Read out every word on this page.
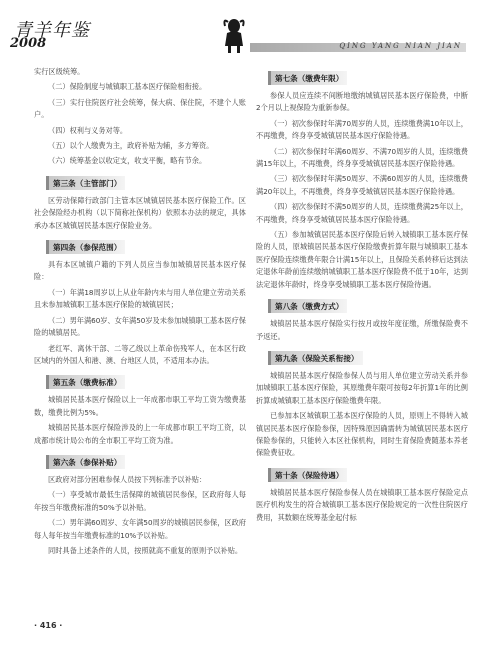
青羊年鉴
2008	QING YANG NIAN JIAN

实行区级统筹。

（二）保险制度与城镇职工基本医疗保险相衔接。

（三）实行住院医疗社会统筹，保大病、保住院，不建个人账户。

（四）权利与义务对等。

（五）以个人缴费为主，政府补贴为辅，多方筹资。

（六）统筹基金以收定支，收支平衡，略有节余。

第三条（主管部门）

区劳动保障行政部门主管本区城镇居民基本医疗保险工作。区社会保险经办机构（以下简称社保机构）依照本办法的规定，具体承办本区城镇居民基本医疗保险业务。

第四条（参保范围）

具有本区城镇户籍的下列人员应当参加城镇居民基本医疗保险：

（一）年满18周岁以上从业年龄内未与用人单位建立劳动关系且未参加城镇职工基本医疗保险的城镇居民；

（二）男年满60岁、女年满50岁及未参加城镇职工基本医疗保险的城镇居民。

老红军、离休干部、二等乙级以上革命伤残军人，在本区行政区域内的外国人和港、澳、台地区人员，不适用本办法。

第五条（缴费标准）

城镇居民基本医疗保险以上一年成都市职工平均工资为缴费基数，缴费比例为5%。

城镇居民基本医疗保险涉及的上一年成都市职工平均工资，以成都市统计局公布的全市职工平均工资为准。

第六条（参保补贴）

区政府对部分困难参保人员按下列标准予以补贴：

（一）享受城市最低生活保障的城镇居民参保，区政府每人每年按当年缴费标准的50%予以补贴。

（二）男年满60周岁、女年满50周岁的城镇居民参保，区政府每人每年按当年缴费标准的10%予以补贴。

同时具备上述条件的人员，按照就高不重复的原则予以补贴。

第七条（缴费年限）

参保人员应连续不间断地缴纳城镇居民基本医疗保险费，中断2个月以上视保险为重新参保。

（一）初次参保时年满70周岁的人员，连续缴费满10年以上，不再缴费，终身享受城镇居民基本医疗保险待遇。

（二）初次参保时年满60周岁、不满70周岁的人员，连续缴费满15年以上，不再缴费，终身享受城镇居民基本医疗保险待遇。

（三）初次参保时年满50周岁、不满60周岁的人员，连续缴费满20年以上，不再缴费，终身享受城镇居民基本医疗保险待遇。

（四）初次参保时不满50周岁的人员，连续缴费满25年以上，不再缴费，终身享受城镇居民基本医疗保险待遇。

（五）参加城镇居民基本医疗保险后转入城镇职工基本医疗保险的人员，原城镇居民基本医疗保险缴费折算年限与城镇职工基本医疗保险连续缴费年限合计满15年以上，且保险关系转移后达到法定退休年龄前连续缴纳城镇职工基本医疗保险费不低于10年，达到法定退休年龄时，终身享受城镇职工基本医疗保险待遇。

第八条（缴费方式）

城镇居民基本医疗保险实行按月或按年度征缴，所缴保险费不予返还。

第九条（保险关系衔接）

城镇居民基本医疗保险参保人员与用人单位建立劳动关系并参加城镇职工基本医疗保险，其原缴费年限可按每2年折算1年的比例折算成城镇职工基本医疗保险缴费年限。

已参加本区城镇职工基本医疗保险的人员，原则上不得转入城镇居民基本医疗保险参保，因特殊原因确需转为城镇居民基本医疗保险参保的，只能转入本区社保机构，同时生育保险费随基本养老保险费征收。

第十条（保险待遇）

城镇居民基本医疗保险参保人员在城镇职工基本医疗保险定点医疗机构发生的符合城镇职工基本医疗保险规定的一次性住院医疗费用，其数额在统筹基金起付标

· 416 ·
